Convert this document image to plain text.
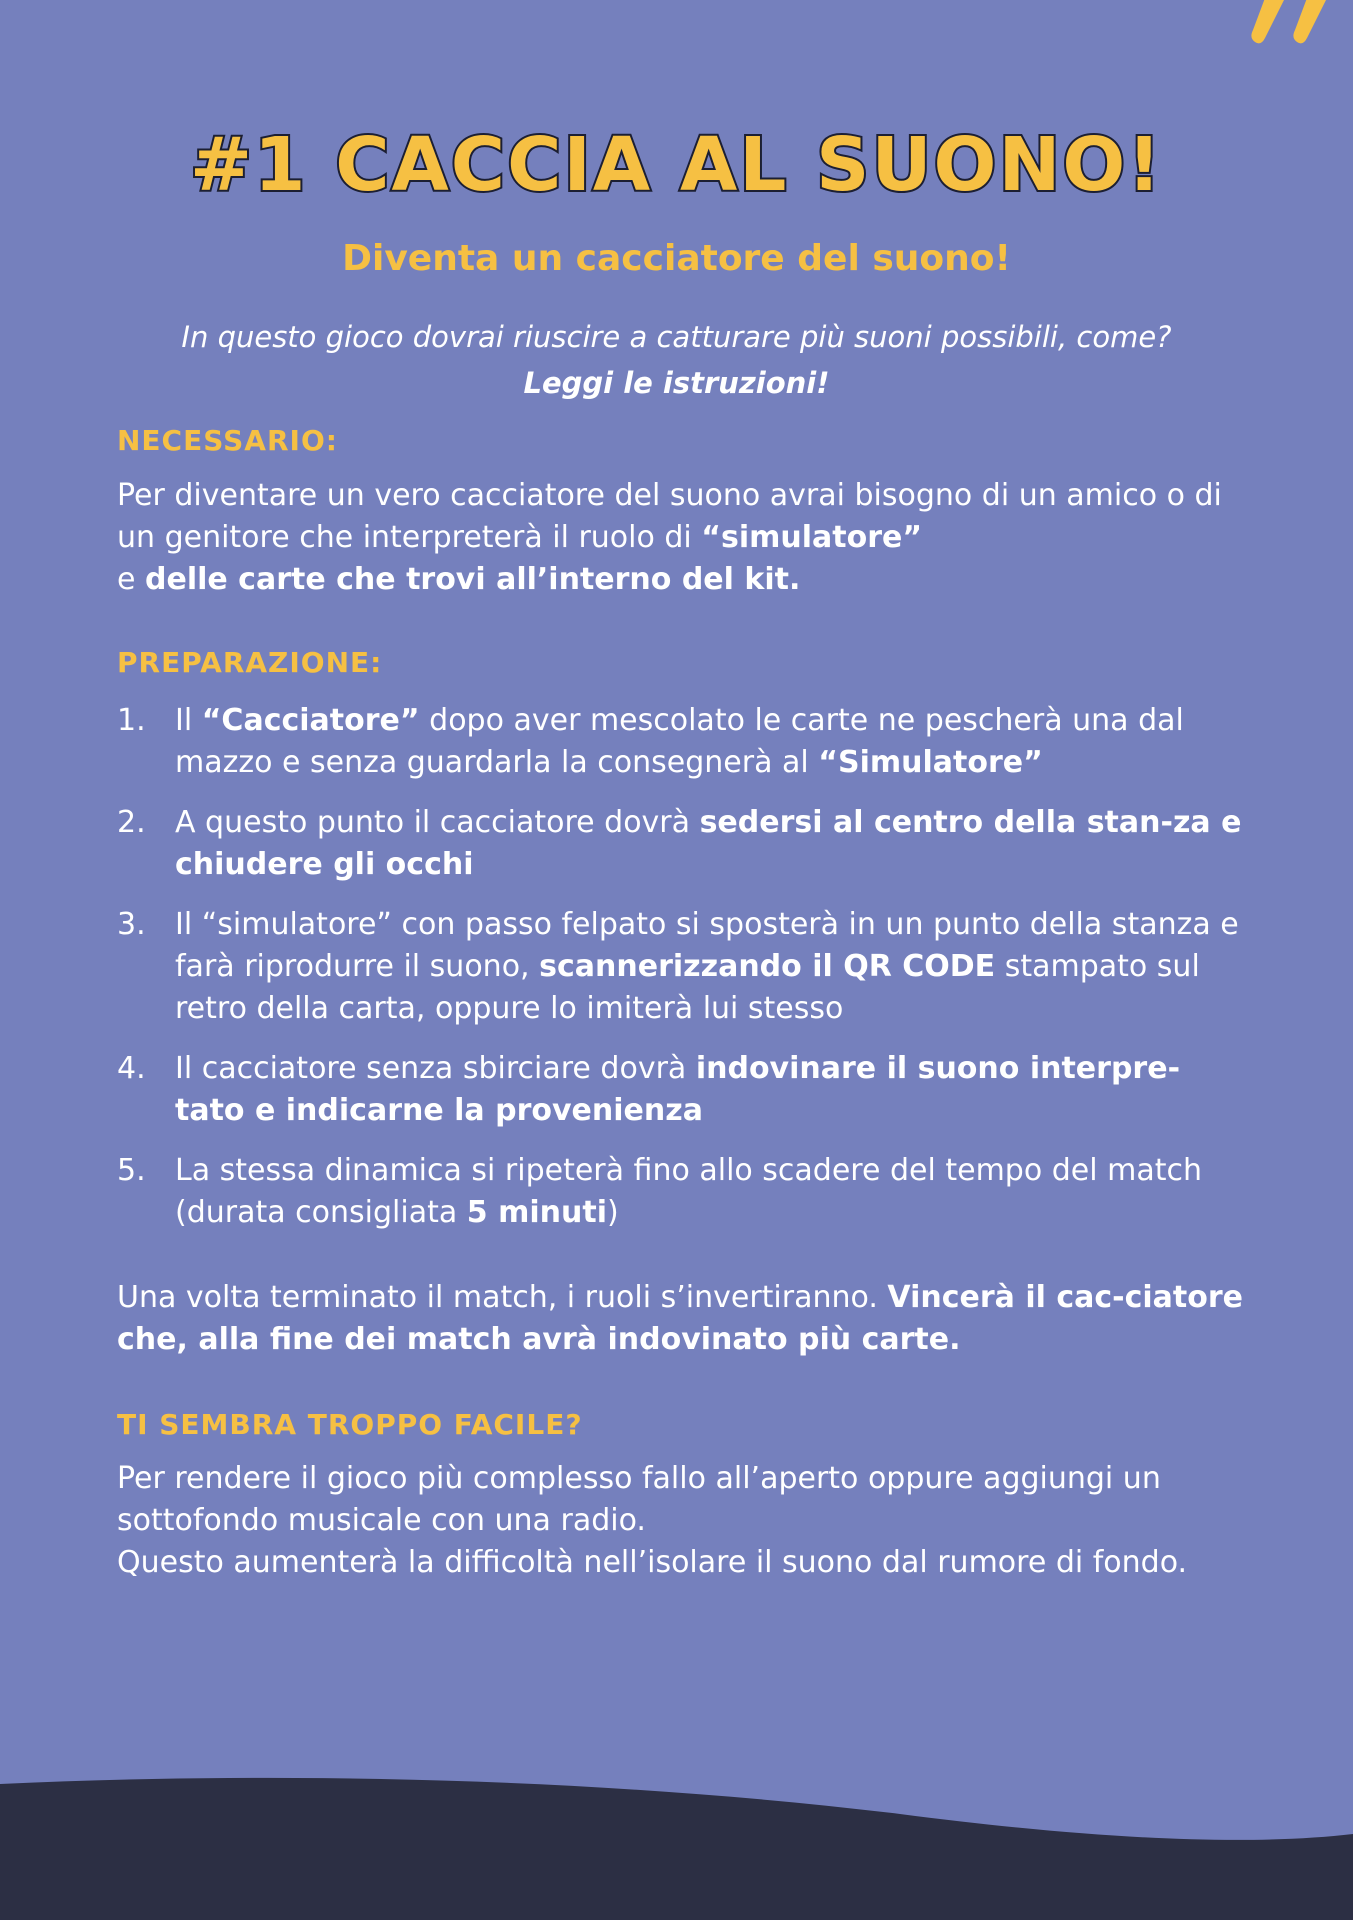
#1 CACCIA AL SUONO!
Diventa un cacciatore del suono!
In questo gioco dovrai riuscire a catturare più suoni possibili, come?
Leggi le istruzioni!
NECESSARIO:

Per diventare un vero cacciatore del suono avrai bisogno di un amico o di un genitore che interpreterà il ruolo di “simulatore”
e delle carte che trovi all’interno del kit.

PREPARAZIONE:
1. Il “Cacciatore” dopo aver mescolato le carte ne pescherà una dal mazzo e senza guardarla la consegnerà al “Simulatore”
2. A questo punto il cacciatore dovrà sedersi al centro della stan-za e chiudere gli occhi
3. Il “simulatore” con passo felpato si sposterà in un punto della stanza e farà riprodurre il suono, scannerizzando il QR CODE stampato sul retro della carta, oppure lo imiterà lui stesso
4. Il cacciatore senza sbirciare dovrà indovinare il suono interpre-tato e indicarne la provenienza
5. La stessa dinamica si ripeterà fino allo scadere del tempo del match (durata consigliata 5 minuti)

Una volta terminato il match, i ruoli s’invertiranno. Vincerà il cac-ciatore che, alla fine dei match avrà indovinato più carte.

TI SEMBRA TROPPO FACILE?

Per rendere il gioco più complesso fallo all’aperto oppure aggiungi un sottofondo musicale con una radio.
Questo aumenterà la difficoltà nell’isolare il suono dal rumore di fondo.
